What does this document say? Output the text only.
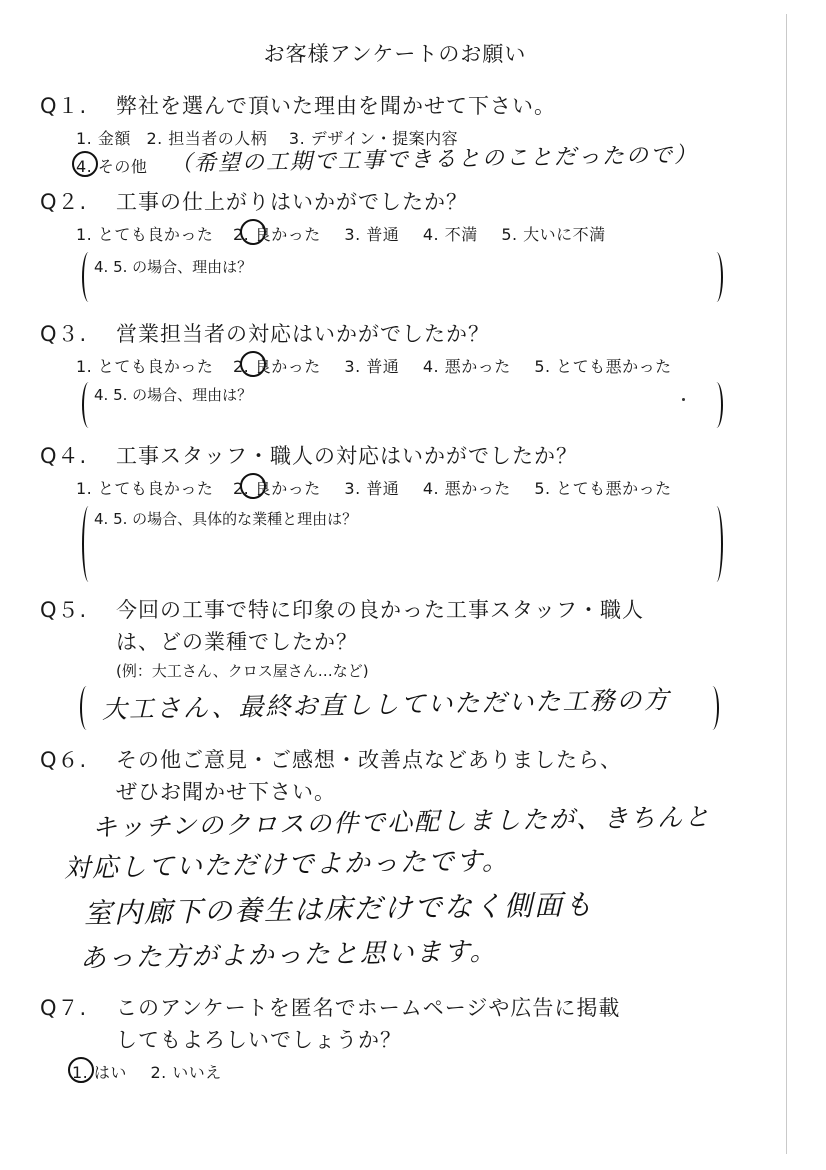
お客様アンケートのお願い
Q１. 弊社を選んで頂いた理由を聞かせて下さい。
1. 金額 2. 担当者の人柄 3. デザイン・提案内容
4. その他 （希望の工期で工事できるとのことだったので）
Q２. 工事の仕上がりはいかがでしたか？
1. とても良かった 2. 良かった 3. 普通 4. 不満 5. 大いに不満
4. 5. の場合、理由は？
Q３. 営業担当者の対応はいかがでしたか？
1. とても良かった 2. 良かった 3. 普通 4. 悪かった 5. とても悪かった
4. 5. の場合、理由は？
Q４. 工事スタッフ・職人の対応はいかがでしたか？
1. とても良かった 2. 良かった 3. 普通 4. 悪かった 5. とても悪かった
4. 5. の場合、具体的な業種と理由は？
Q５. 今回の工事で特に印象の良かった工事スタッフ・職人
は、どの業種でしたか？
(例：大工さん、クロス屋さん…など)
大工さん、最終お直ししていただいた工務の方
Q６. その他ご意見・ご感想・改善点などありましたら、
ぜひお聞かせ下さい。
キッチンのクロスの件で心配しましたが、きちんと
対応していただけでよかったです。
室内廊下の養生は床だけでなく側面も
あった方がよかったと思います。
Q７. このアンケートを匿名でホームページや広告に掲載
してもよろしいでしょうか？
1. はい 2. いいえ
